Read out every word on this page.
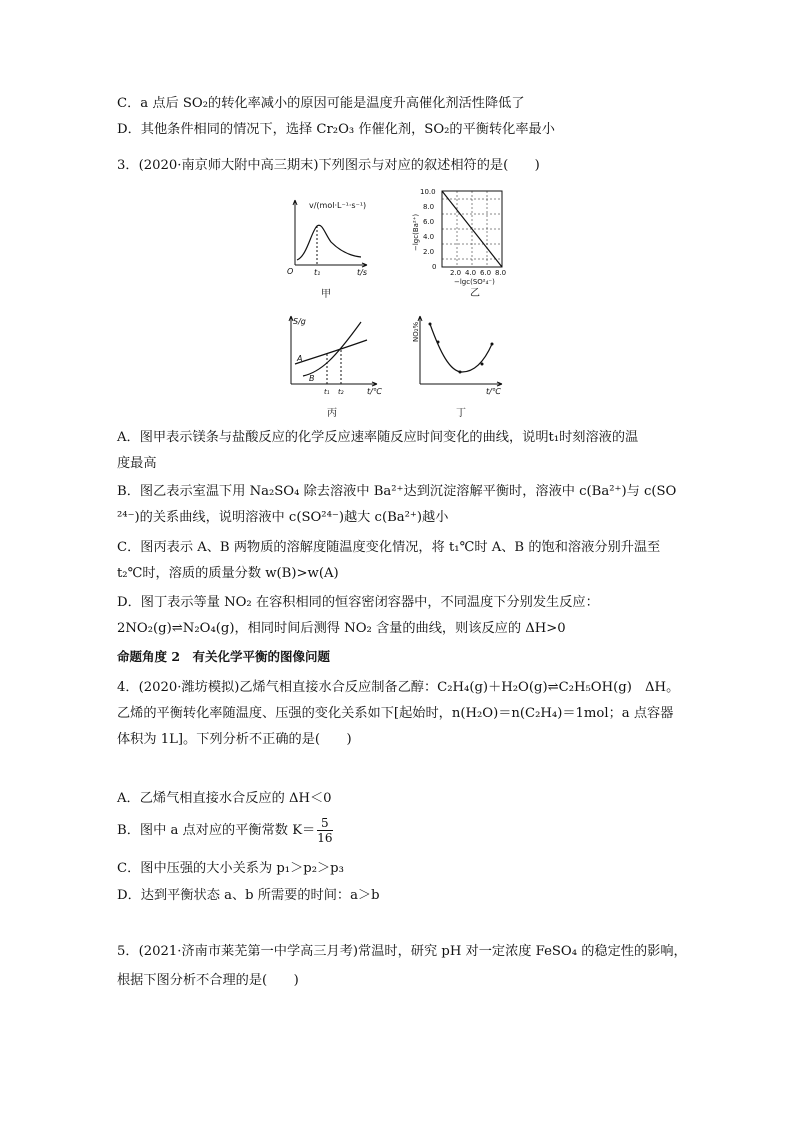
C．a 点后 SO₂的转化率减小的原因可能是温度升高催化剂活性降低了
D．其他条件相同的情况下，选择 Cr₂O₃ 作催化剂，SO₂的平衡转化率最小
3．(2020·南京师大附中高三期末)下列图示与对应的叙述相符的是(　　)
v/(mol·L⁻¹·s⁻¹)
O	t₁	t/s
甲
10.0
8.0
6.0
4.0
2.0
0
2.0 4.0 6.0 8.0
−lgc(Ba²⁺)
−lgc(SO²₄⁻)
乙
S/g
A
B
t₁ t₂	t/℃
丙
NO₂%
t/℃
丁
A．图甲表示镁条与盐酸反应的化学反应速率随反应时间变化的曲线，说明t₁时刻溶液的温
度最高
B．图乙表示室温下用 Na₂SO₄ 除去溶液中 Ba²⁺达到沉淀溶解平衡时，溶液中 c(Ba²⁺)与 c(SO
²⁴⁻)的关系曲线，说明溶液中 c(SO²⁴⁻)越大 c(Ba²⁺)越小
C．图丙表示 A、B 两物质的溶解度随温度变化情况，将 t₁℃时 A、B 的饱和溶液分别升温至
t₂℃时，溶质的质量分数 w(B)>w(A)
D．图丁表示等量 NO₂ 在容积相同的恒容密闭容器中，不同温度下分别发生反应：
2NO₂(g)⇌N₂O₄(g)，相同时间后测得 NO₂ 含量的曲线，则该反应的 ΔH>0
命题角度 2　有关化学平衡的图像问题
4．(2020·潍坊模拟)乙烯气相直接水合反应制备乙醇：C₂H₄(g)＋H₂O(g)⇌C₂H₅OH(g)　ΔH。
乙烯的平衡转化率随温度、压强的变化关系如下[起始时，n(H₂O)＝n(C₂H₄)＝1mol；a 点容器
体积为 1L]。下列分析不正确的是(　　)
A．乙烯气相直接水合反应的 ΔH＜0
B．图中 a 点对应的平衡常数 $K= \frac{5}{16}$
C．图中压强的大小关系为 p₁＞p₂＞p₃
D．达到平衡状态 a、b 所需要的时间：a＞b
5．(2021·济南市莱芜第一中学高三月考)常温时，研究 pH 对一定浓度 FeSO₄ 的稳定性的影响，
根据下图分析不合理的是(　　)
